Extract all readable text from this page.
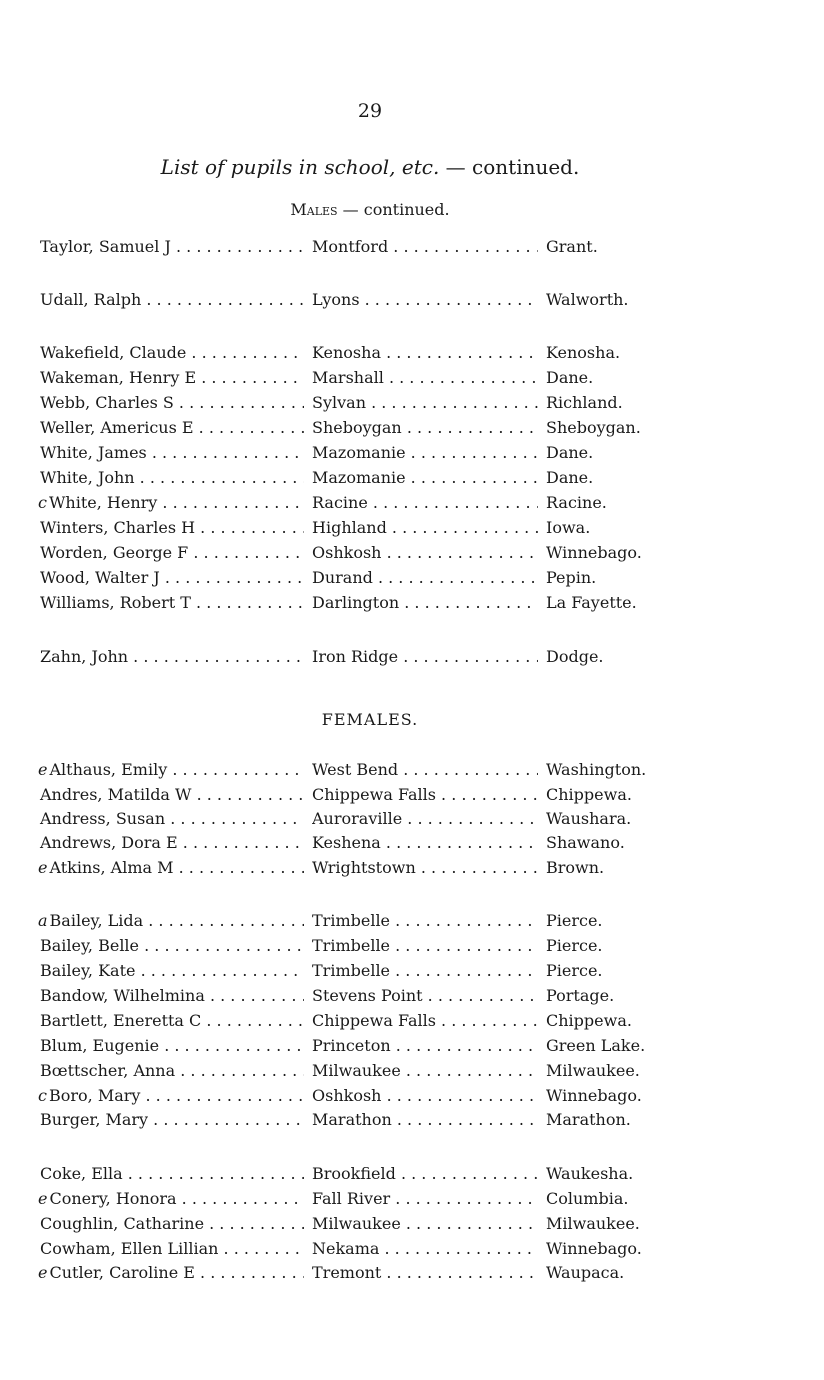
29
List of pupils in school, etc. — continued.
Males — continued.
FEMALES.
Taylor, Samuel J . . .	Montford . . .	Grant.
Udall, Ralph . . .	Lyons . . .	Walworth.
Wakefield, Claude . . .	Kenosha . . .	Kenosha.
Wakeman, Henry E . . .	Marshall . . .	Dane.
Webb, Charles S . . .	Sylvan . . .	Richland.
Weller, Americus E . . .	Sheboygan . . .	Sheboygan.
White, James . . .	Mazomanie . . .	Dane.
White, John . . .	Mazomanie . . .	Dane.
c White, Henry . . .	Racine . . .	Racine.
Winters, Charles H . . .	Highland . . .	Iowa.
Worden, George F . . .	Oshkosh . . .	Winnebago.
Wood, Walter J . . .	Durand . . .	Pepin.
Williams, Robert T . . .	Darlington . . .	La Fayette.
Zahn, John . . .	Iron Ridge . . .	Dodge.
e Althaus, Emily . . .	West Bend . . .	Washington.
Andres, Matilda W . . .	Chippewa Falls . . .	Chippewa.
Andress, Susan . . .	Auroraville . . .	Waushara.
Andrews, Dora E . . .	Keshena . . .	Shawano.
e Atkins, Alma M . . .	Wrightstown . . .	Brown.
a Bailey, Lida . . .	Trimbelle . . .	Pierce.
Bailey, Belle . . .	Trimbelle . . .	Pierce.
Bailey, Kate . . .	Trimbelle . . .	Pierce.
Bandow, Wilhelmina . . .	Stevens Point . . .	Portage.
Bartlett, Eneretta C . . .	Chippewa Falls . . .	Chippewa.
Blum, Eugenie . . .	Princeton . . .	Green Lake.
Bœttscher, Anna . . .	Milwaukee . . .	Milwaukee.
c Boro, Mary . . .	Oshkosh . . .	Winnebago.
Burger, Mary . . .	Marathon . . .	Marathon.
Coke, Ella . . .	Brookfield . . .	Waukesha.
e Conery, Honora . . .	Fall River . . .	Columbia.
Coughlin, Catharine . . .	Milwaukee . . .	Milwaukee.
Cowham, Ellen Lillian . . .	Nekama . . .	Winnebago.
e Cutler, Caroline E . . .	Tremont . . .	Waupaca.
